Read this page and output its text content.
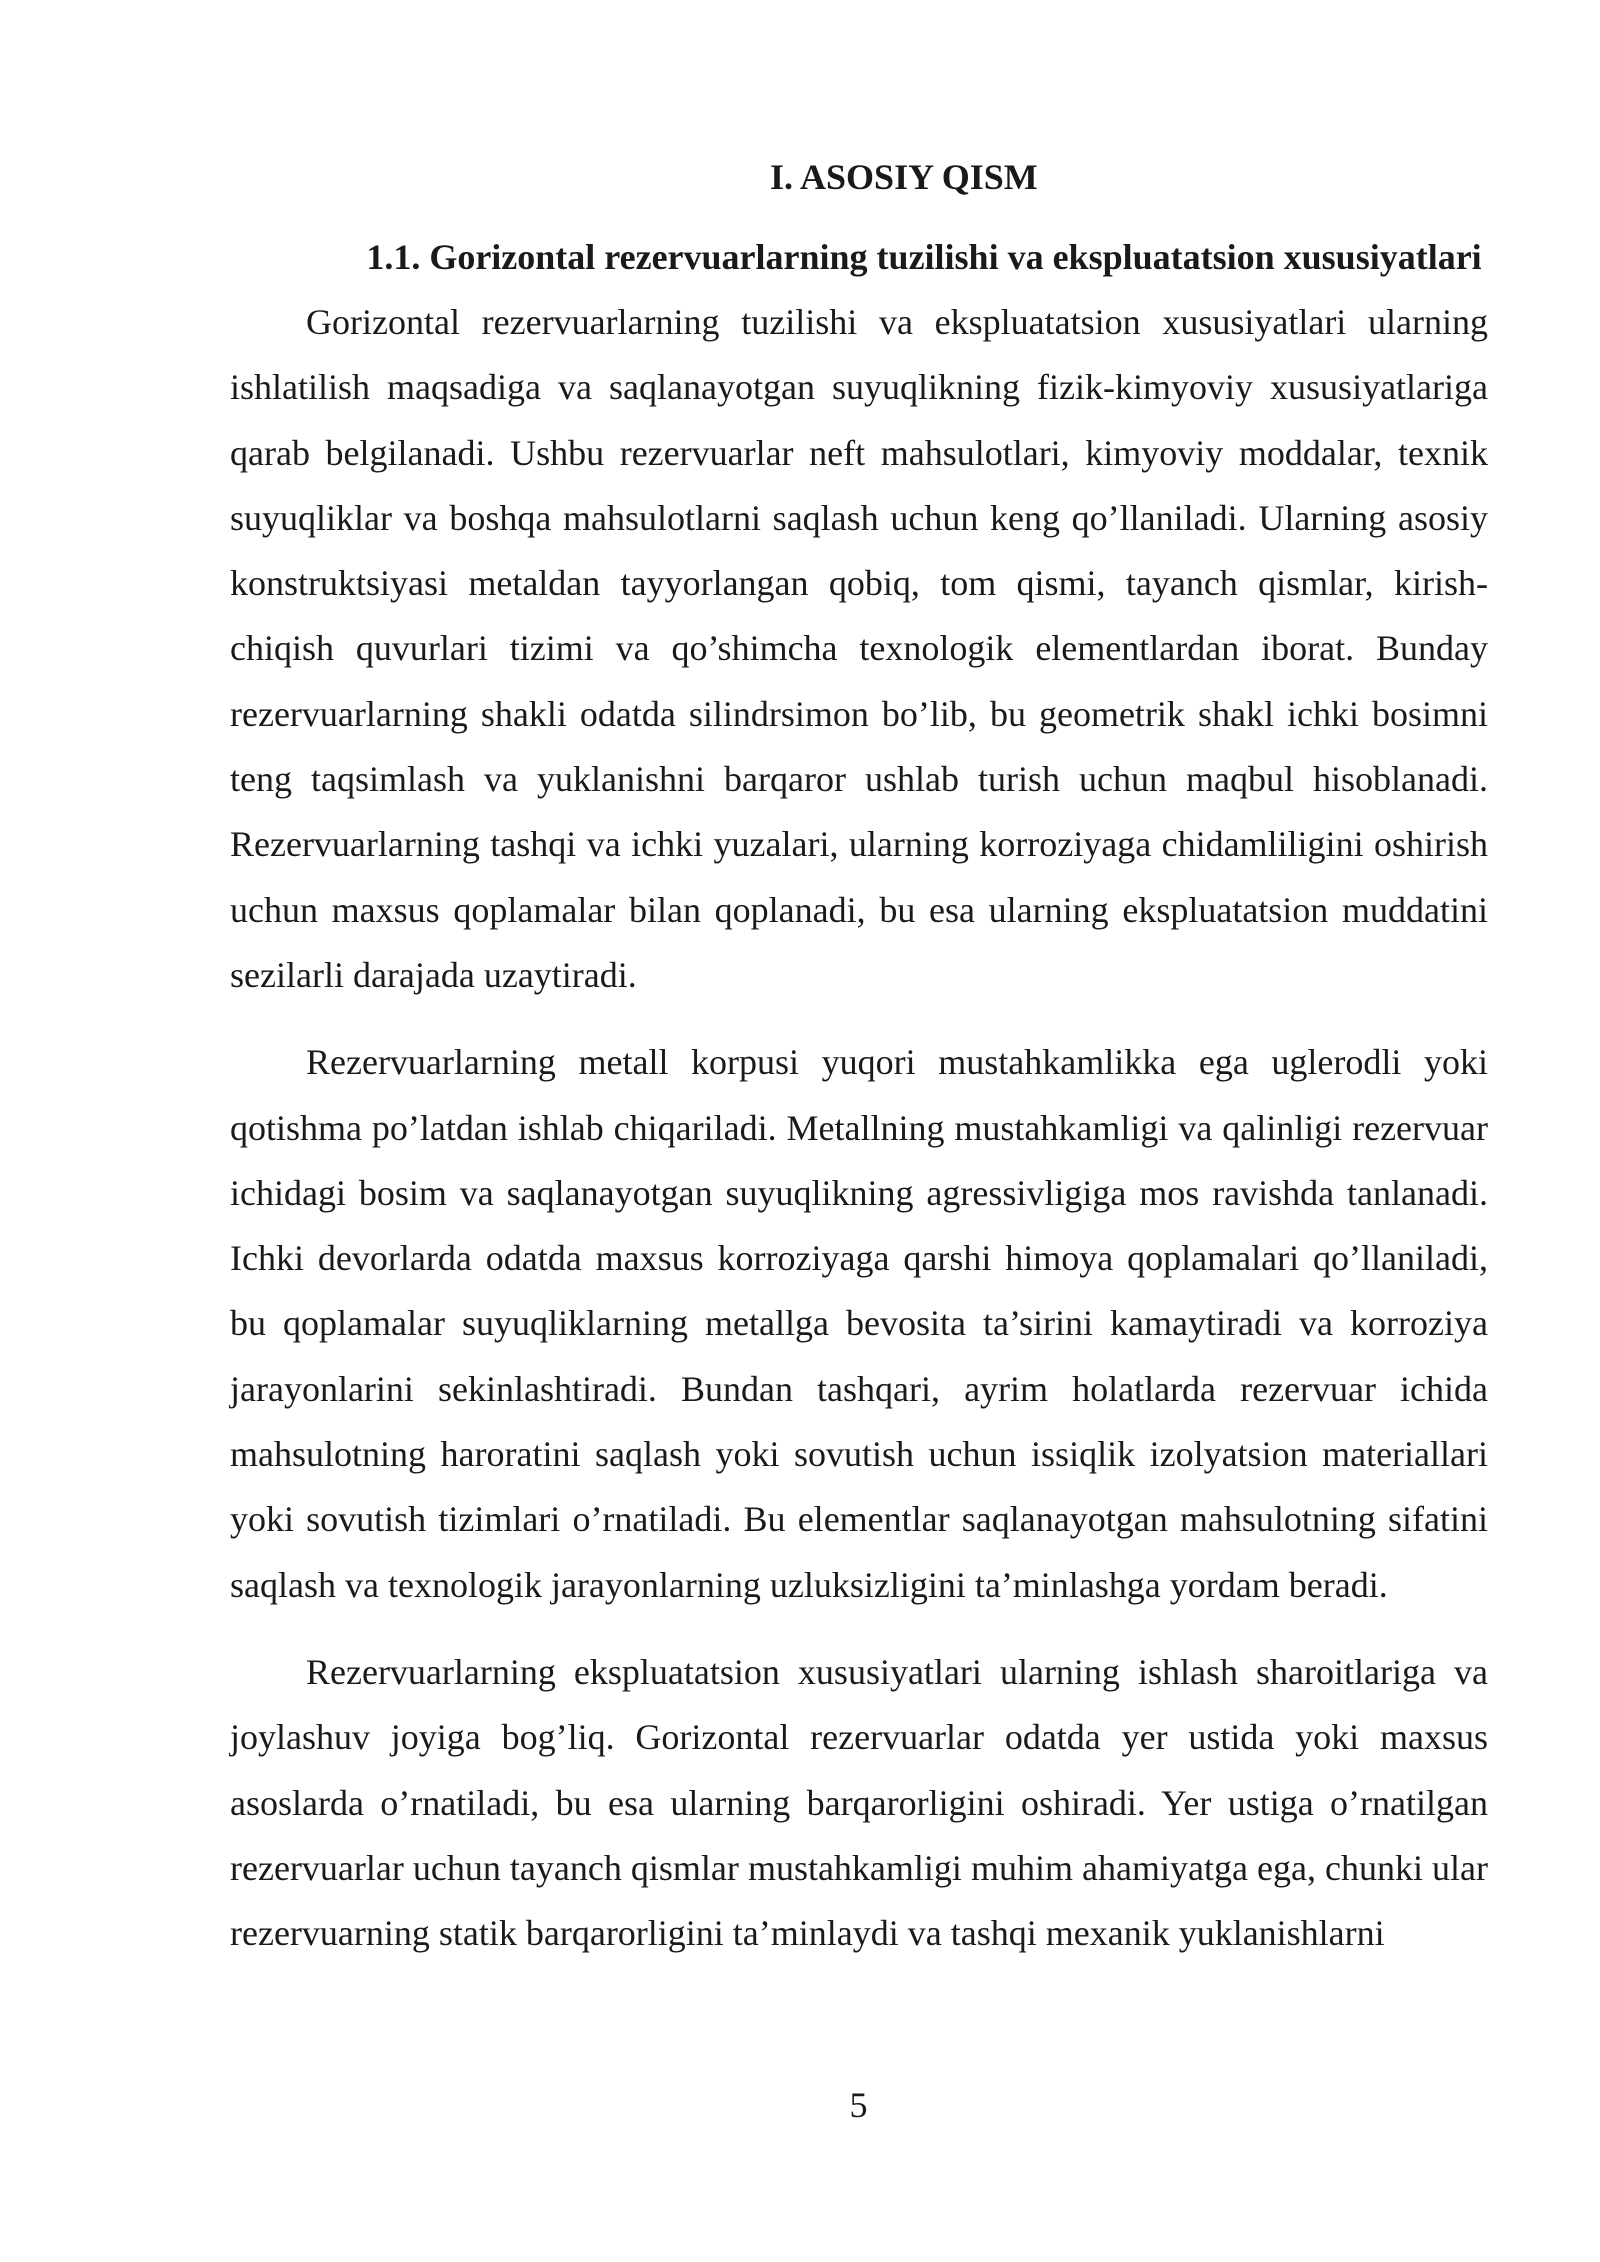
I. ASOSIY QISM
1.1. Gorizontal rezervuarlarning tuzilishi va ekspluatatsion xususiyatlari

Gorizontal rezervuarlarning tuzilishi va ekspluatatsion xususiyatlari ularning ishlatilish maqsadiga va saqlanayotgan suyuqlikning fizik-kimyoviy xususiyatlariga qarab belgilanadi. Ushbu rezervuarlar neft mahsulotlari, kimyoviy moddalar, texnik suyuqliklar va boshqa mahsulotlarni saqlash uchun keng qo’llaniladi. Ularning asosiy konstruktsiyasi metaldan tayyorlangan qobiq, tom qismi, tayanch qismlar, kirish-chiqish quvurlari tizimi va qo’shimcha texnologik elementlardan iborat. Bunday rezervuarlarning shakli odatda silindrsimon bo’lib, bu geometrik shakl ichki bosimni teng taqsimlash va yuklanishni barqaror ushlab turish uchun maqbul hisoblanadi. Rezervuarlarning tashqi va ichki yuzalari, ularning korroziyaga chidamliligini oshirish uchun maxsus qoplamalar bilan qoplanadi, bu esa ularning ekspluatatsion muddatini sezilarli darajada uzaytiradi.

Rezervuarlarning metall korpusi yuqori mustahkamlikka ega uglerodli yoki qotishma po’latdan ishlab chiqariladi. Metallning mustahkamligi va qalinligi rezervuar ichidagi bosim va saqlanayotgan suyuqlikning agressivligiga mos ravishda tanlanadi. Ichki devorlarda odatda maxsus korroziyaga qarshi himoya qoplamalari qo’llaniladi, bu qoplamalar suyuqliklarning metallga bevosita ta’sirini kamaytiradi va korroziya jarayonlarini sekinlashtiradi. Bundan tashqari, ayrim holatlarda rezervuar ichida mahsulotning haroratini saqlash yoki sovutish uchun issiqlik izolyatsion materiallari yoki sovutish tizimlari o’rnatiladi. Bu elementlar saqlanayotgan mahsulotning sifatini saqlash va texnologik jarayonlarning uzluksizligini ta’minlashga yordam beradi.

Rezervuarlarning ekspluatatsion xususiyatlari ularning ishlash sharoitlariga va joylashuv joyiga bog’liq. Gorizontal rezervuarlar odatda yer ustida yoki maxsus asoslarda o’rnatiladi, bu esa ularning barqarorligini oshiradi. Yer ustiga o’rnatilgan rezervuarlar uchun tayanch qismlar mustahkamligi muhim ahamiyatga ega, chunki ular rezervuarning statik barqarorligini ta’minlaydi va tashqi mexanik yuklanishlarni

5
